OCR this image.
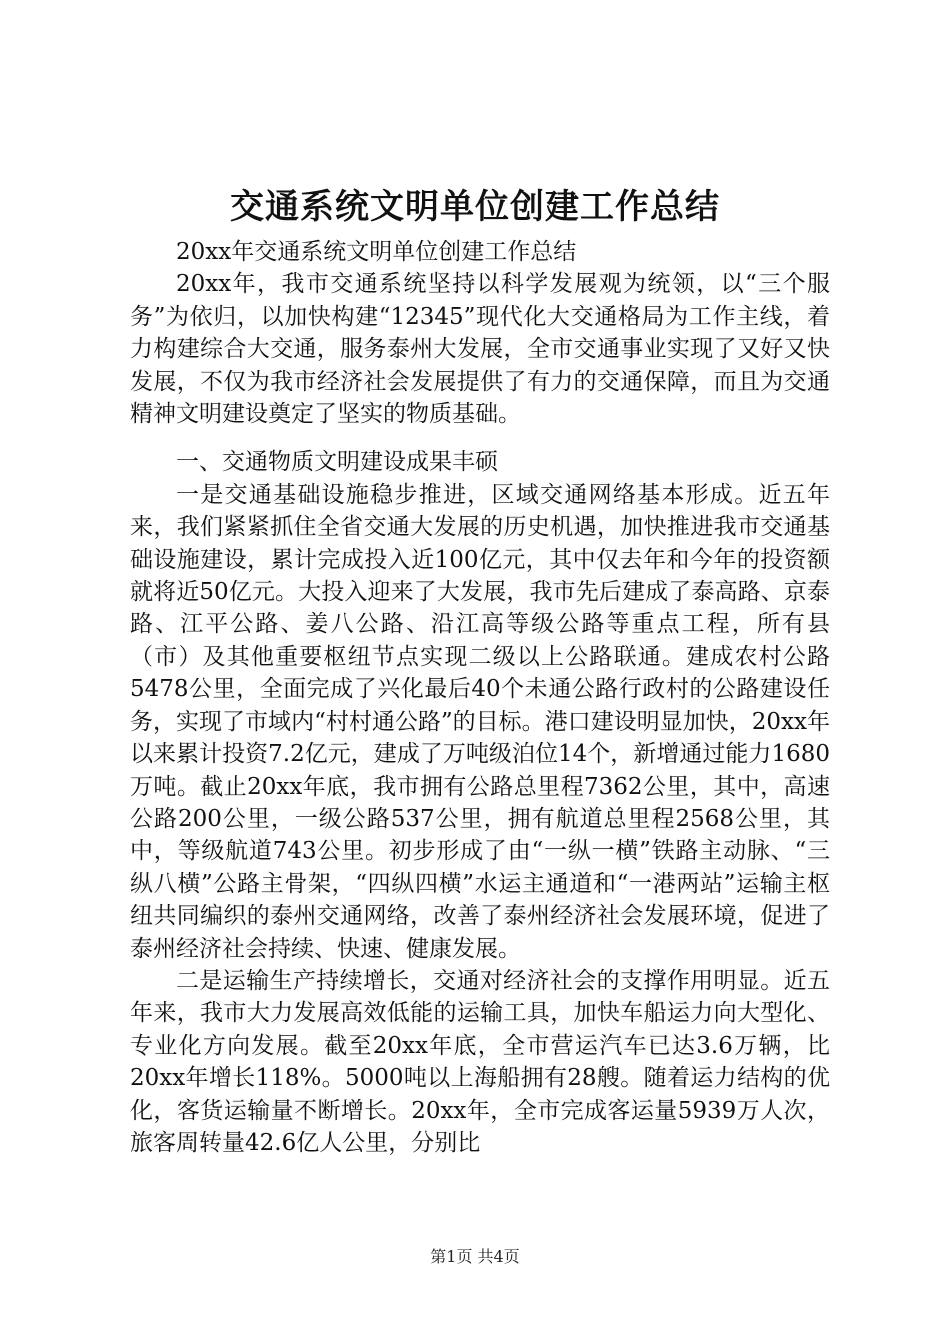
交通系统文明单位创建工作总结

20xx年交通系统文明单位创建工作总结

20xx年，我市交通系统坚持以科学发展观为统领，以“三个服务”为依归，以加快构建“12345”现代化大交通格局为工作主线，着力构建综合大交通，服务泰州大发展，全市交通事业实现了又好又快发展，不仅为我市经济社会发展提供了有力的交通保障，而且为交通精神文明建设奠定了坚实的物质基础。

一、交通物质文明建设成果丰硕

一是交通基础设施稳步推进，区域交通网络基本形成。近五年来，我们紧紧抓住全省交通大发展的历史机遇，加快推进我市交通基础设施建设，累计完成投入近100亿元，其中仅去年和今年的投资额就将近50亿元。大投入迎来了大发展，我市先后建成了泰高路、京泰路、江平公路、姜八公路、沿江高等级公路等重点工程，所有县（市）及其他重要枢纽节点实现二级以上公路联通。建成农村公路5478公里，全面完成了兴化最后40个未通公路行政村的公路建设任务，实现了市域内“村村通公路”的目标。港口建设明显加快，20xx年以来累计投资7.2亿元，建成了万吨级泊位14个，新增通过能力1680万吨。截止20xx年底，我市拥有公路总里程7362公里，其中，高速公路200公里，一级公路537公里，拥有航道总里程2568公里，其中，等级航道743公里。初步形成了由“一纵一横”铁路主动脉、“三纵八横”公路主骨架，“四纵四横”水运主通道和“一港两站”运输主枢纽共同编织的泰州交通网络，改善了泰州经济社会发展环境，促进了泰州经济社会持续、快速、健康发展。

二是运输生产持续增长，交通对经济社会的支撑作用明显。近五年来，我市大力发展高效低能的运输工具，加快车船运力向大型化、专业化方向发展。截至20xx年底，全市营运汽车已达3.6万辆，比20xx年增长118%。5000吨以上海船拥有28艘。随着运力结构的优化，客货运输量不断增长。20xx年，全市完成客运量5939万人次，旅客周转量42.6亿人公里，分别比

第1页 共4页
